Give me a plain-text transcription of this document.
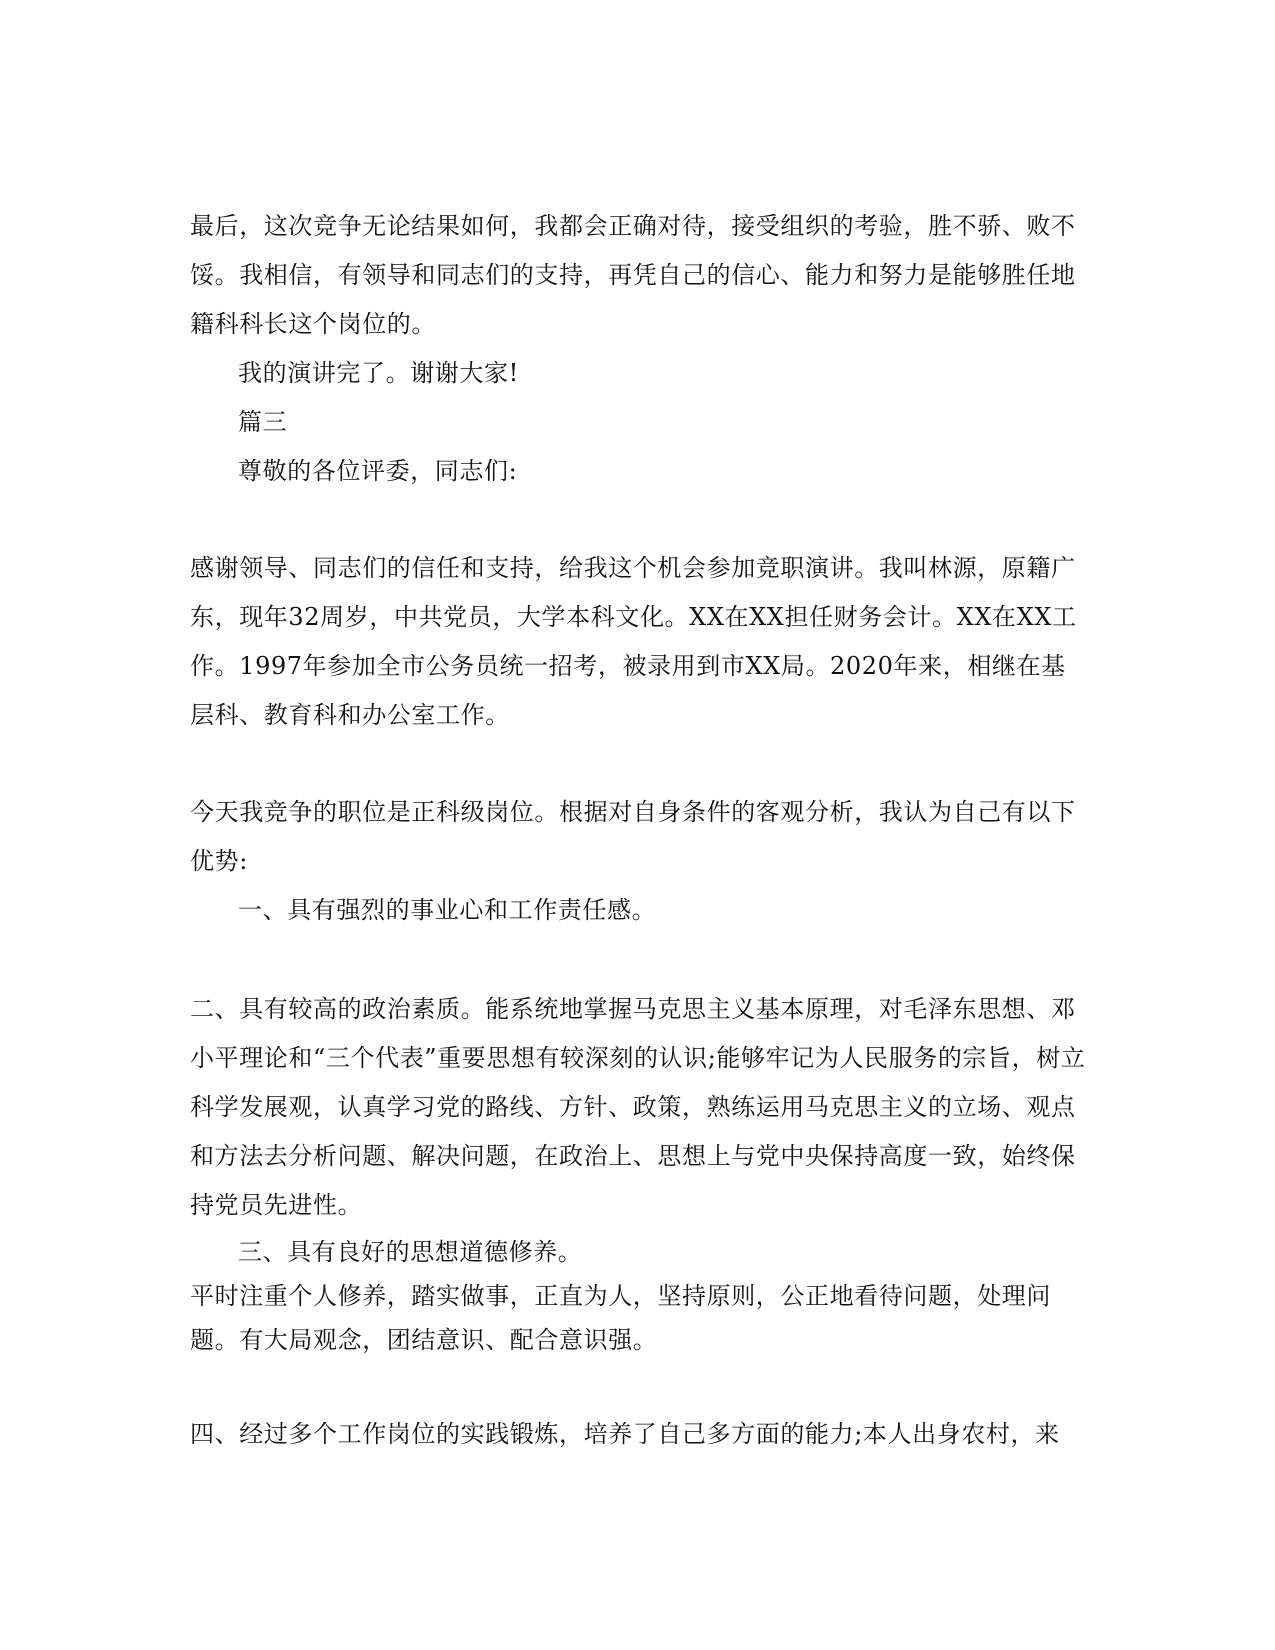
最后，这次竞争无论结果如何，我都会正确对待，接受组织的考验，胜不骄、败不馁。我相信，有领导和同志们的支持，再凭自己的信心、能力和努力是能够胜任地籍科科长这个岗位的。

我的演讲完了。谢谢大家!

篇三

尊敬的各位评委，同志们:

感谢领导、同志们的信任和支持，给我这个机会参加竞职演讲。我叫林源，原籍广东，现年32周岁，中共党员，大学本科文化。XX在XX担任财务会计。XX在XX工作。1997年参加全市公务员统一招考，被录用到市XX局。2020年来，相继在基层科、教育科和办公室工作。

今天我竞争的职位是正科级岗位。根据对自身条件的客观分析，我认为自己有以下优势:

一、具有强烈的事业心和工作责任感。

二、具有较高的政治素质。能系统地掌握马克思主义基本原理，对毛泽东思想、邓小平理论和“三个代表”重要思想有较深刻的认识;能够牢记为人民服务的宗旨，树立科学发展观，认真学习党的路线、方针、政策，熟练运用马克思主义的立场、观点和方法去分析问题、解决问题，在政治上、思想上与党中央保持高度一致，始终保持党员先进性。

三、具有良好的思想道德修养。

平时注重个人修养，踏实做事，正直为人，坚持原则，公正地看待问题，处理问题。有大局观念，团结意识、配合意识强。

四、经过多个工作岗位的实践锻炼，培养了自己多方面的能力;本人出身农村，来
